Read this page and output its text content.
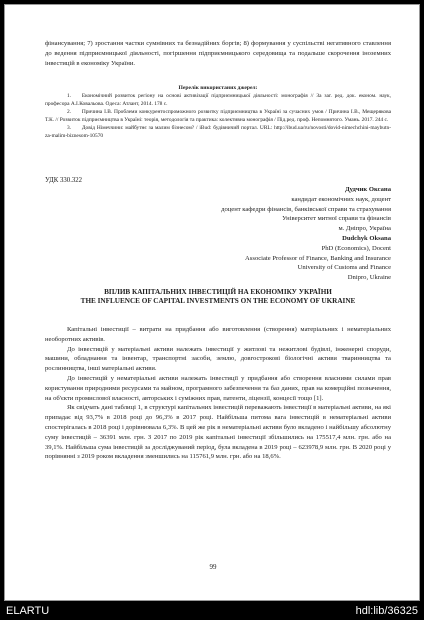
фінансування; 7) зростання частки сумнівних та безнадійних боргів; 8) формування у суспільстві негативного ставлення до ведення підприємницької діяльності, погіршення підприємницького середовища та подальше скорочення іноземних інвестицій в економіку України.

Перелік використаних джерел:

1.  Економічний розвиток регіону на основі активізації підприємницької діяльності: монографія // За заг. ред. док. економ. наук, професора А.І.Ковальова. Одеса: Атлант, 2014. 178 с.

2.  Причина І.В. Проблеми конкурентоспроможного розвитку підприємництва в Україні за сучасних умов / Причина І.В., Мещерякова Т.К. // Розвиток підприємництва в Україні: теорія, методологія та практика: колективна монографія / Під.ред. проф. Непомнятого. Умань. 2017. 244 с.

3.  Довід Німеччини: майбутнє за малим бізнесом? / iBud: будівничий портал. URL: http://ibud.ua/ru/novosti/dovid-nimechchini-maybutn-za-malim-biznesom-10570

УДК 330.322

Дудчик Оксана

кандидат економічних наук, доцент

доцент кафедри фінансів, банківської справи та страхування

Університет митної справи та фінансів

м. Дніпро, Україна

Dudchyk Oksana

PhD (Economics), Docent

Associate Professor of Finance, Banking and Insurance

University of Customs and Finance

Dnipro, Ukraine

ВПЛИВ КАПІТАЛЬНИХ ІНВЕСТИЦІЙ НА ЕКОНОМІКУ УКРАЇНИ

THE INFLUENCE OF CAPITAL INVESTMENTS ON THE ECONOMY OF UKRAINE

Капітальні інвестиції – витрати на придбання або виготовлення (створення) матеріальних і нематеріальних необоротних активів.

До інвестицій у матеріальні активи належать інвестиції у житлові та нежитлові будівлі, інженерні споруди, машини, обладнання та інвентар, транспортні засоби, землю, довгострокові біологічні активи тваринництва та рослинництва, інші матеріальні активи.

До інвестицій у нематеріальні активи належать інвестиції у придбання або створення власними силами прав користування природними ресурсами та майном, програмного забезпечення та баз даних, прав на комерційні позначення, на об'єкти промислової власності, авторських і суміжних прав, патенти, ліцензії, концесії тощо [1].

Як свідчать дані таблиці 1, в структурі капітальних інвестицій переважають інвестиції в матеріальні активи, на які припадає від 93,7% в 2018 році до 96,3% в 2017 році. Найбільша питома вага інвестицій в нематеріальні активи спостерігалась в 2018 році і дорівнювала 6,3%. В цей же рік в нематеріальні активи було вкладено і найбільшу абсолютну суму інвестицій – 36391 млн. грн. З 2017 по 2019 рік капітальні інвестиції збільшились на 175517,4 млн. грн. або на 39,1%. Найбільша сума інвестицій за досліджуваний період, була вкладена в 2019 році – 623978,9 млн. грн. В 2020 році у порівнянні з 2019 роком вкладення зменшились на 115761,9 млн. грн. або на 18,6%.

99
ELARTU	hdl:lib/36325
